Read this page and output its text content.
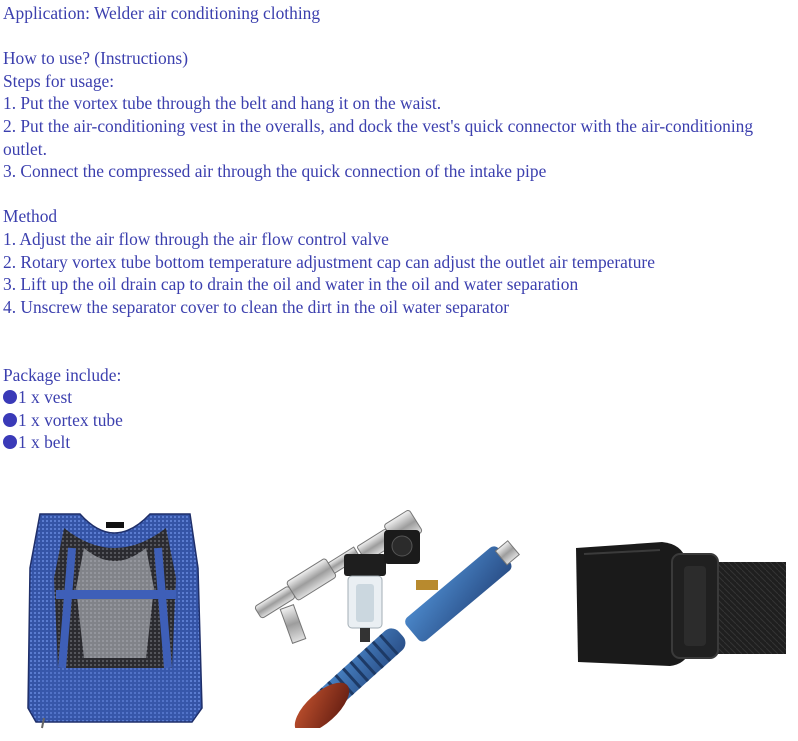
Application: Welder air conditioning clothing

How to use? (Instructions)

Steps for usage:

1. Put the vortex tube through the belt and hang it on the waist.

2. Put the air-conditioning vest in the overalls, and dock the vest's quick connector with the air-conditioning outlet.

3. Connect the compressed air through the quick connection of the intake pipe

Method

1. Adjust the air flow through the air flow control valve

2. Rotary vortex tube bottom temperature adjustment cap can adjust the outlet air temperature

3. Lift up the oil drain cap to drain the oil and water in the oil and water separation

4. Unscrew the separator cover to clean the dirt in the oil water separator

Package include:

1 x vest

1 x vortex tube

1 x belt
